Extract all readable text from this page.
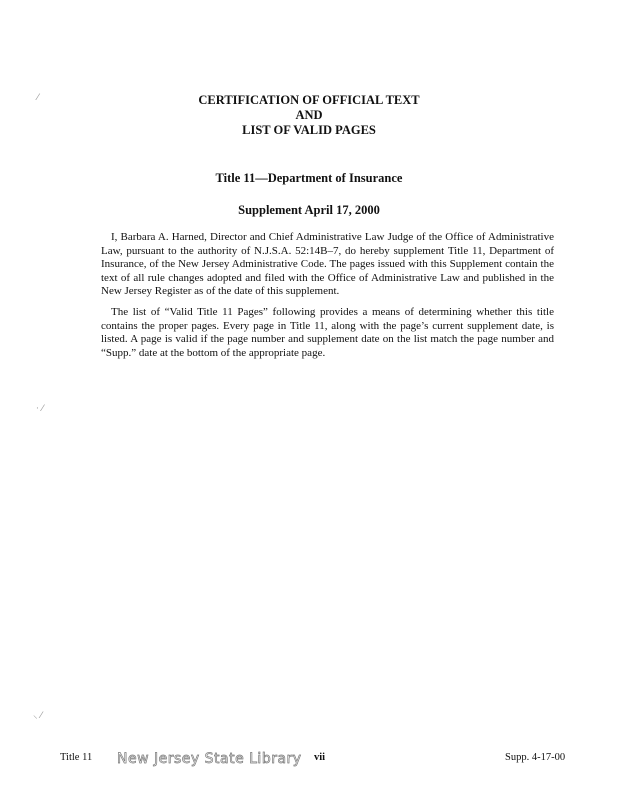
⁄
· ⁄
⸜ ⁄
CERTIFICATION OF OFFICIAL TEXT
AND
LIST OF VALID PAGES
Title 11—Department of Insurance
Supplement April 17, 2000

I, Barbara A. Harned, Director and Chief Administrative Law Judge of the Office of Administrative Law, pursuant to the authority of N.J.S.A. 52:14B–7, do hereby supplement Title 11, Department of Insurance, of the New Jersey Administrative Code. The pages issued with this Supplement contain the text of all rule changes adopted and filed with the Office of Administrative Law and published in the New Jersey Register as of the date of this supplement.

The list of “Valid Title 11 Pages” following provides a means of determining whether this title contains the proper pages. Every page in Title 11, along with the page’s current supplement date, is listed. A page is valid if the page number and supplement date on the list match the page number and “Supp.” date at the bottom of the appropriate page.

Title 11 New Jersey State Library vii	Supp. 4-17-00
